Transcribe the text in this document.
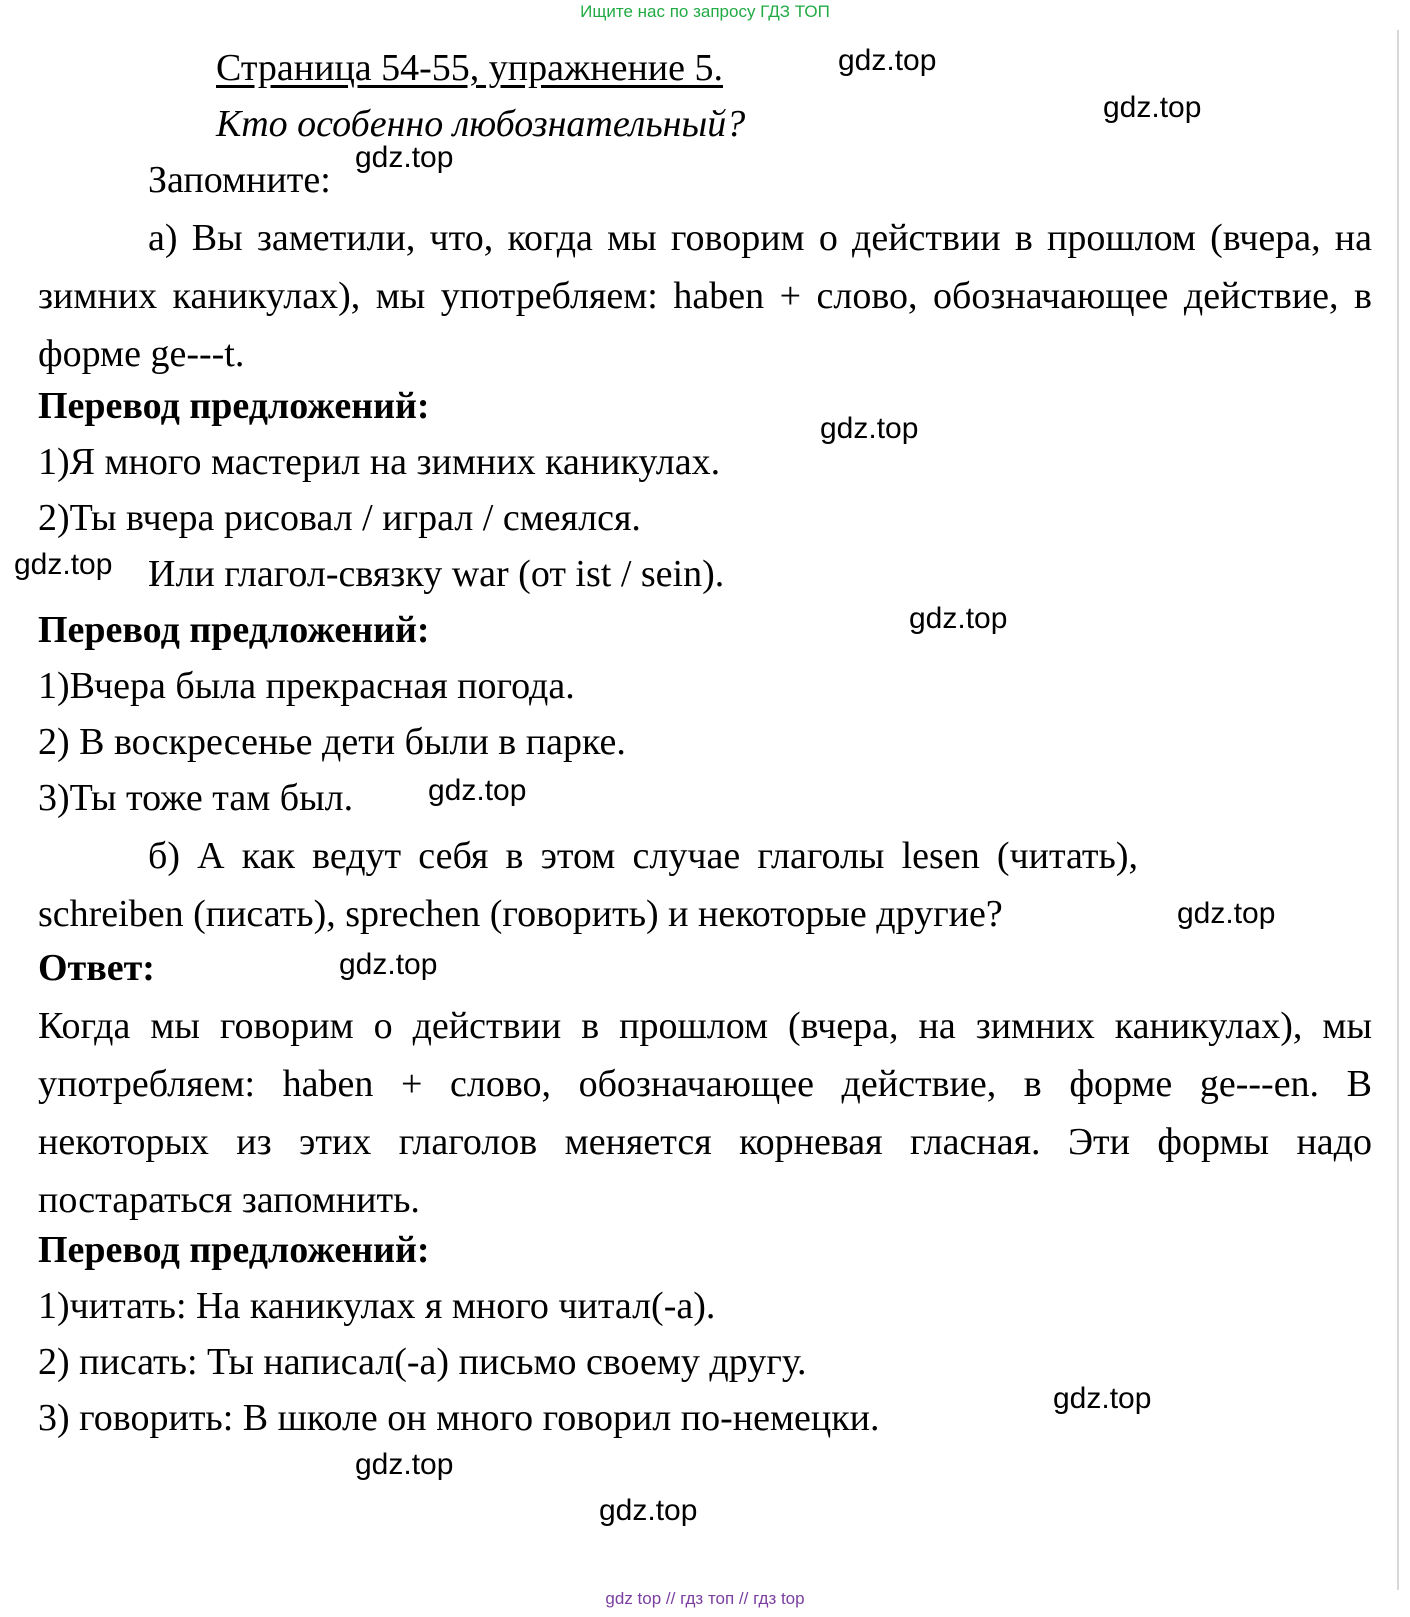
Ищите нас по запросу ГДЗ ТОП
Страница 54-55, упражнение 5.
Кто особенно любознательный?
Запомните:
а) Вы заметили, что, когда мы говорим о действии в прошлом (вчера, на зимних каникулах), мы употребляем: haben + слово, обозначающее действие, в форме ge---t.
Перевод предложений:
1)Я много мастерил на зимних каникулах.
2)Ты вчера рисовал / играл / смеялся.
Или глагол-связку war (от ist / sein).
Перевод предложений:
1)Вчера была прекрасная погода.
2) В воскресенье дети были в парке.
3)Ты тоже там был.
б) А как ведут себя в этом случае глаголы lesen (читать), schreiben (писать), sprechen (говорить) и некоторые другие?
Ответ:
Когда мы говорим о действии в прошлом (вчера, на зимних каникулах), мы употребляем: haben + слово, обозначающее действие, в форме ge---en. В некоторых из этих глаголов меняется корневая гласная. Эти формы надо постараться запомнить.
Перевод предложений:
1)читать: На каникулах я много читал(-а).
2) писать: Ты написал(-а) письмо своему другу.
3) говорить: В школе он много говорил по-немецки.
gdz.top
gdz.top
gdz.top
gdz.top
gdz.top
gdz.top
gdz.top
gdz.top
gdz.top
gdz.top
gdz.top
gdz.top
gdz top // гдз топ // гдз top
